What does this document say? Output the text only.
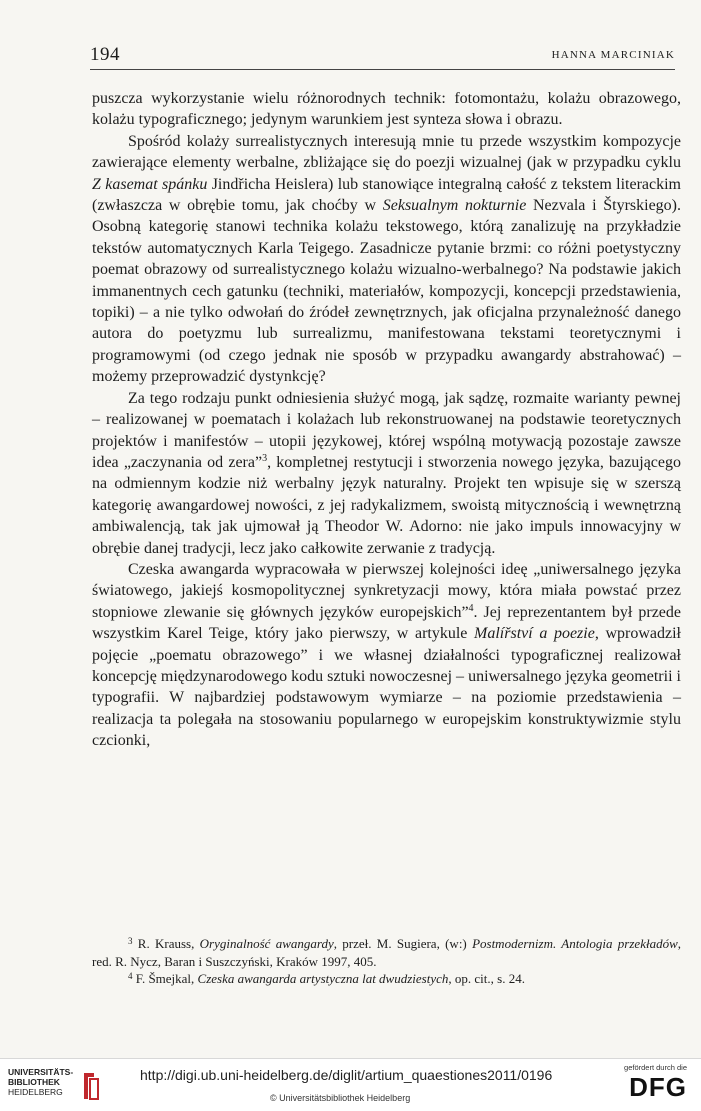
194	HANNA MARCINIAK

puszcza wykorzystanie wielu różnorodnych technik: fotomontażu, kolażu obrazowego, kolażu typograficznego; jedynym warunkiem jest synteza słowa i obrazu.

Spośród kolaży surrealistycznych interesują mnie tu przede wszystkim kompozycje zawierające elementy werbalne, zbliżające się do poezji wizualnej (jak w przypadku cyklu Z kasemat spánku Jindřicha Heislera) lub stanowiące integralną całość z tekstem literackim (zwłaszcza w obrębie tomu, jak choćby w Seksualnym nokturnie Nezvala i Štyrskiego). Osobną kategorię stanowi technika kolażu tekstowego, którą zanalizuję na przykładzie tekstów automatycznych Karla Teigego. Zasadnicze pytanie brzmi: co różni poetystyczny poemat obrazowy od surrealistycznego kolażu wizualno-werbalnego? Na podstawie jakich immanentnych cech gatunku (techniki, materiałów, kompozycji, koncepcji przedstawienia, topiki) – a nie tylko odwołań do źródeł zewnętrznych, jak oficjalna przynależność danego autora do poetyzmu lub surrealizmu, manifestowana tekstami teoretycznymi i programowymi (od czego jednak nie sposób w przypadku awangardy abstrahować) – możemy przeprowadzić dystynkcję?

Za tego rodzaju punkt odniesienia służyć mogą, jak sądzę, rozmaite warianty pewnej – realizowanej w poematach i kolażach lub rekonstruowanej na podstawie teoretycznych projektów i manifestów – utopii językowej, której wspólną motywacją pozostaje zawsze idea „zaczynania od zera”$^3$, kompletnej restytucji i stworzenia nowego języka, bazującego na odmiennym kodzie niż werbalny język naturalny. Projekt ten wpisuje się w szerszą kategorię awangardowej nowości, z jej radykalizmem, swoistą mitycznością i wewnętrzną ambiwalencją, tak jak ujmował ją Theodor W. Adorno: nie jako impuls innowacyjny w obrębie danej tradycji, lecz jako całkowite zerwanie z tradycją.

Czeska awangarda wypracowała w pierwszej kolejności ideę „uniwersalnego języka światowego, jakiejś kosmopolitycznej synkretyzacji mowy, która miała powstać przez stopniowe zlewanie się głównych języków europejskich”$^4$. Jej reprezentantem był przede wszystkim Karel Teige, który jako pierwszy, w artykule Malířství a poezie, wprowadził pojęcie „poematu obrazowego” i we własnej działalności typograficznej realizował koncepcję międzynarodowego kodu sztuki nowoczesnej – uniwersalnego języka geometrii i typografii. W najbardziej podstawowym wymiarze – na poziomie przedstawienia – realizacja ta polegała na stosowaniu popularnego w europejskim konstruktywizmie stylu czcionki,

$^3$ R. Krauss, Oryginalność awangardy, przeł. M. Sugiera, (w:) Postmodernizm. Antologia przekładów, red. R. Nycz, Baran i Suszczyński, Kraków 1997, 405.

$^4$ F. Šmejkal, Czeska awangarda artystyczna lat dwudziestych, op. cit., s. 24.

UNIVERSITÄTS-
BIBLIOTHEK
HEIDELBERG
http://digi.ub.uni-heidelberg.de/diglit/artium_quaestiones2011/0196
© Universitätsbibliothek Heidelberg
gefördert durch die
DFG
